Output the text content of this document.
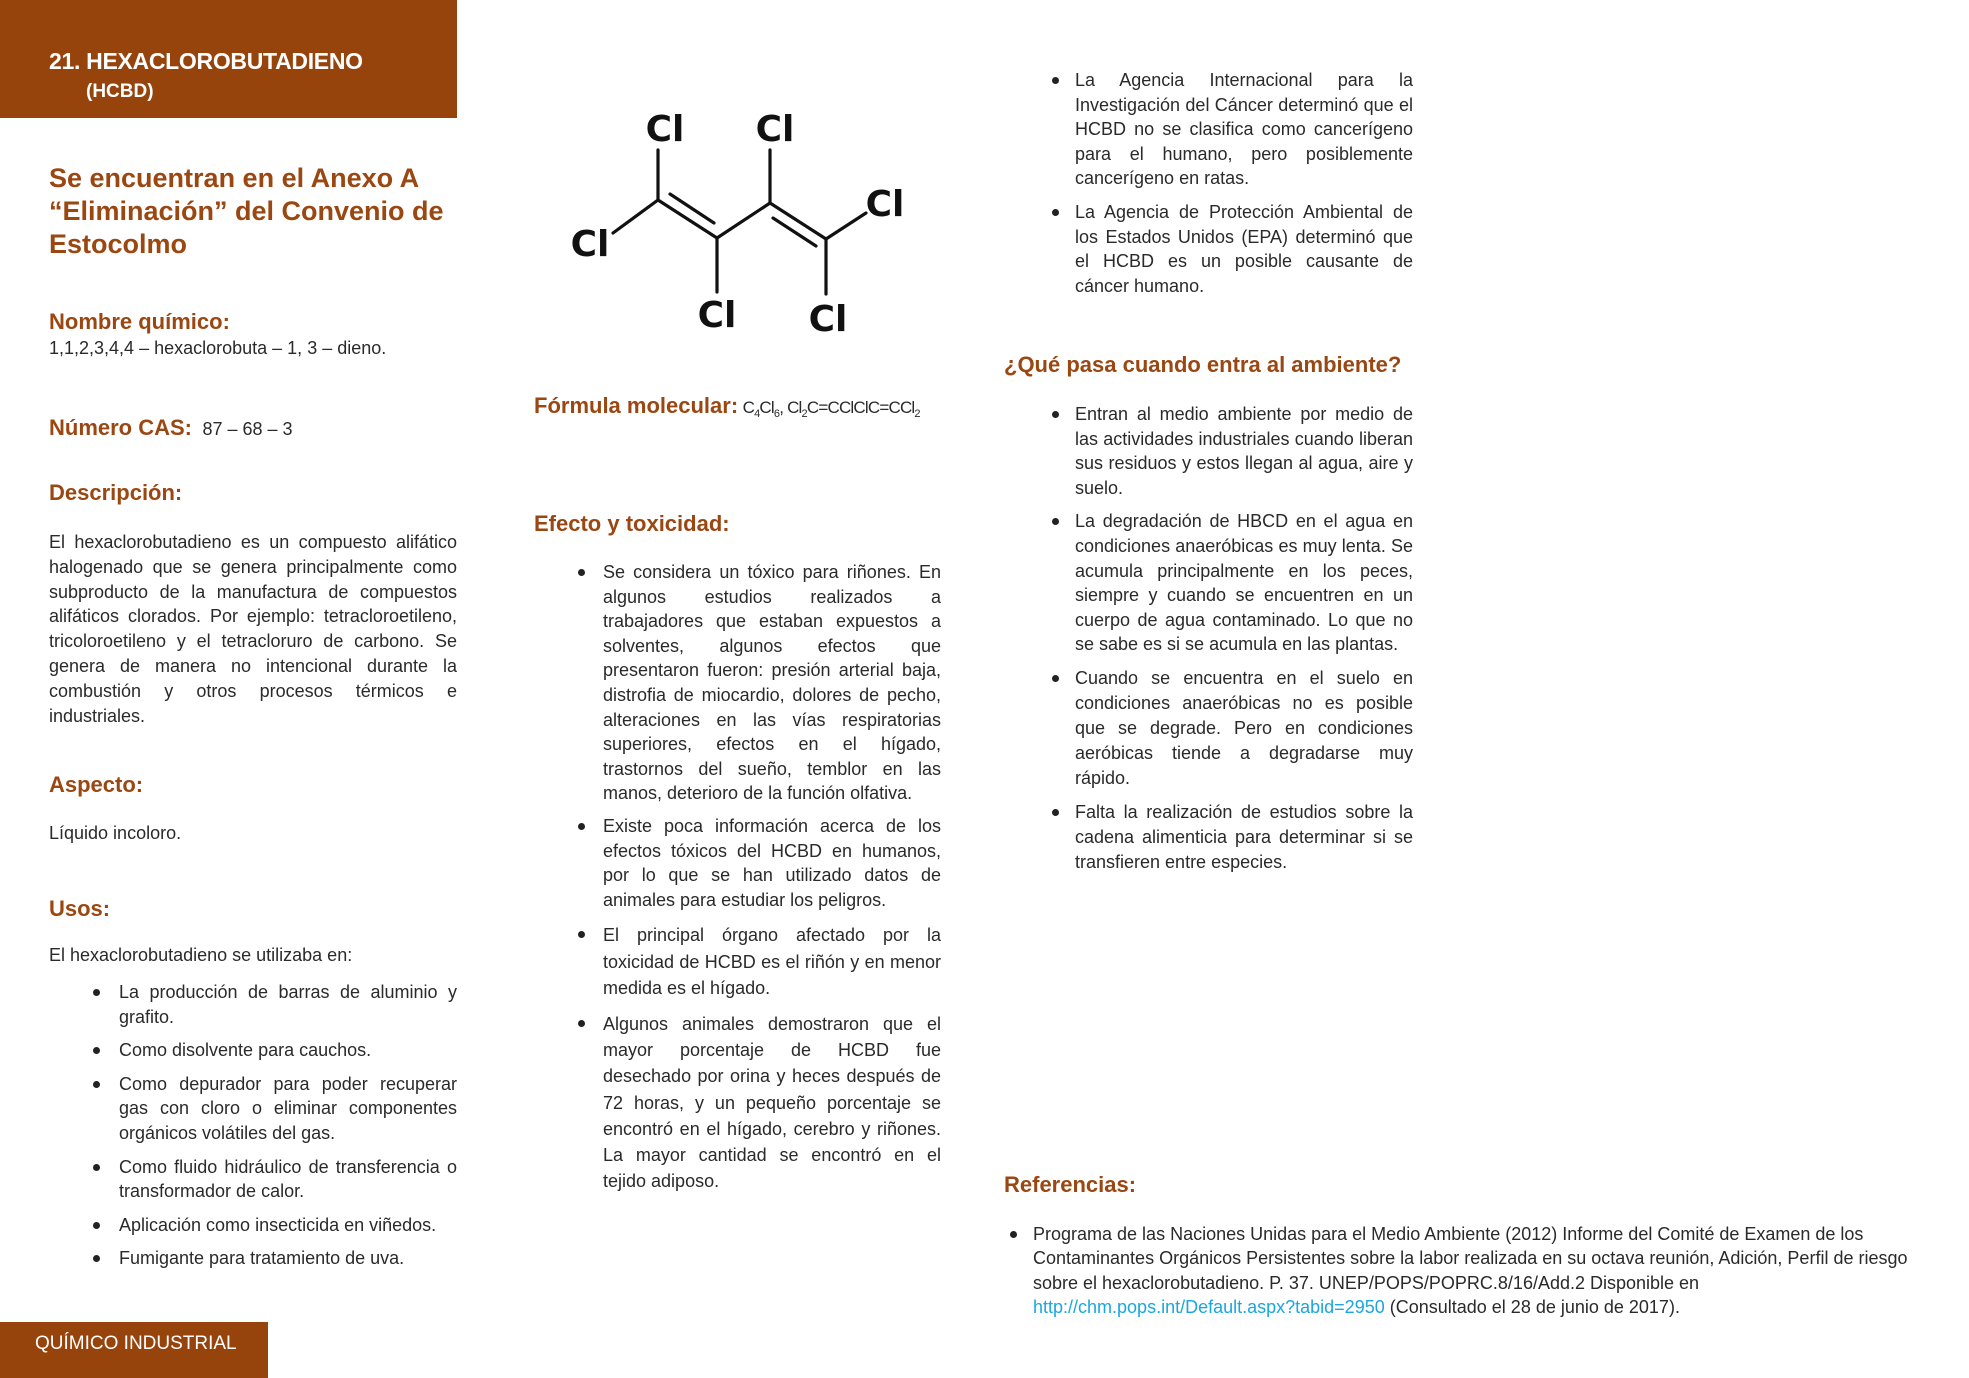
21. HEXACLOROBUTADIENO
(HCBD)
Se encuentran en el Anexo A “Eliminación” del Convenio de Estocolmo
Nombre químico:
1,1,2,3,4,4 – hexaclorobuta – 1, 3 – dieno.
Número CAS: 87 – 68 – 3
Descripción:
El hexaclorobutadieno es un compuesto alifático halogenado que se genera principalmente como subproducto de la manufactura de compuestos alifáticos clorados. Por ejemplo: tetracloroetileno, tricoloroetileno y el tetracloruro de carbono. Se genera de manera no intencional durante la combustión y otros procesos térmicos e industriales.
Aspecto:
Líquido incoloro.
Usos:
El hexaclorobutadieno se utilizaba en:
La producción de barras de aluminio y grafito.
Como disolvente para cauchos.
Como depurador para poder recuperar gas con cloro o eliminar componentes orgánicos volátiles del gas.
Como fluido hidráulico de transferencia o transformador de calor.
Aplicación como insecticida en viñedos.
Fumigante para tratamiento de uva.
Cl Cl
Cl
Cl
Cl Cl
Fórmula molecular: $C_4Cl_6$, $Cl_2C=CClClC=CCl_2$
Efecto y toxicidad:
Se considera un tóxico para riñones. En algunos estudios realizados a trabajadores que estaban expuestos a solventes, algunos efectos que presentaron fueron: presión arterial baja, distrofia de miocardio, dolores de pecho, alteraciones en las vías respiratorias superiores, efectos en el hígado, trastornos del sueño, temblor en las manos, deterioro de la función olfativa.
Existe poca información acerca de los efectos tóxicos del HCBD en humanos, por lo que se han utilizado datos de animales para estudiar los peligros.
El principal órgano afectado por la toxicidad de HCBD es el riñón y en menor medida es el hígado.
Algunos animales demostraron que el mayor porcentaje de HCBD fue desechado por orina y heces después de 72 horas, y un pequeño porcentaje se encontró en el hígado, cerebro y riñones. La mayor cantidad se encontró en el tejido adiposo.
La Agencia Internacional para la Investigación del Cáncer determinó que el HCBD no se clasifica como cancerígeno para el humano, pero posiblemente cancerígeno en ratas.
La Agencia de Protección Ambiental de los Estados Unidos (EPA) determinó que el HCBD es un posible causante de cáncer humano.
¿Qué pasa cuando entra al ambiente?
Entran al medio ambiente por medio de las actividades industriales cuando liberan sus residuos y estos llegan al agua, aire y suelo.
La degradación de HBCD en el agua en condiciones anaeróbicas es muy lenta. Se acumula principalmente en los peces, siempre y cuando se encuentren en un cuerpo de agua contaminado. Lo que no se sabe es si se acumula en las plantas.
Cuando se encuentra en el suelo en condiciones anaeróbicas no es posible que se degrade. Pero en condiciones aeróbicas tiende a degradarse muy rápido.
Falta la realización de estudios sobre la cadena alimenticia para determinar si se transfieren entre especies.
Referencias:
Programa de las Naciones Unidas para el Medio Ambiente (2012) Informe del Comité de Examen de los Contaminantes Orgánicos Persistentes sobre la labor realizada en su octava reunión, Adición, Perfil de riesgo sobre el hexaclorobutadieno. P. 37. UNEP/POPS/POPRC.8/16/Add.2 Disponible en http://chm.pops.int/Default.aspx?tabid=2950 (Consultado el 28 de junio de 2017).
QUÍMICO INDUSTRIAL
